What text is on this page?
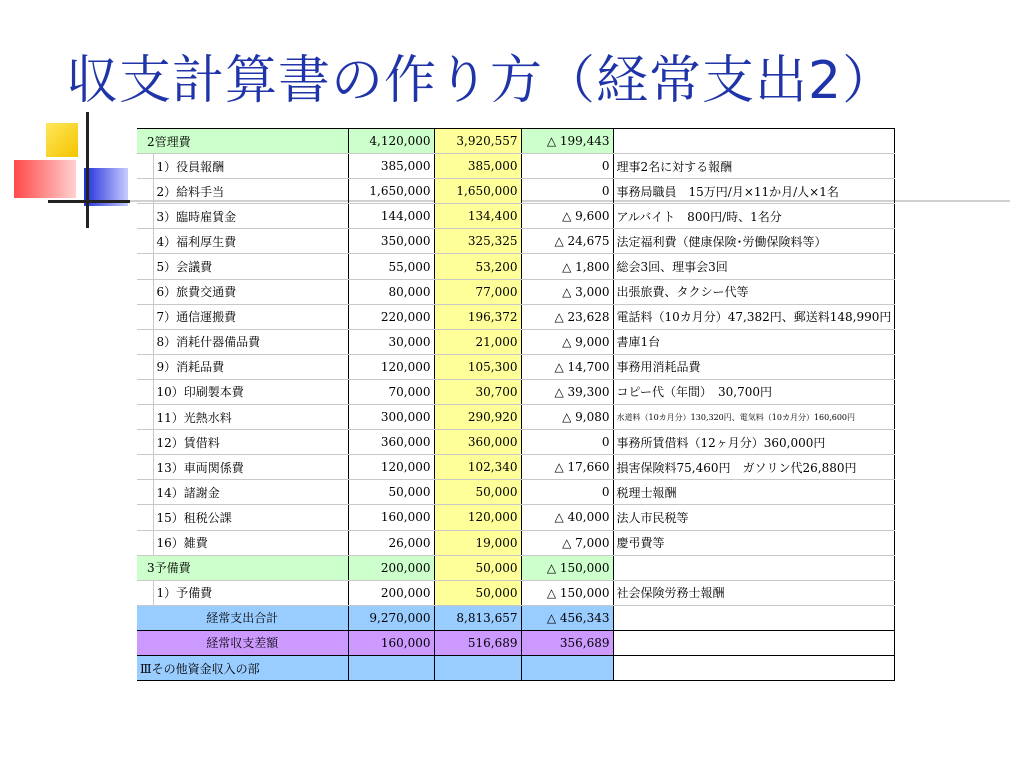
収支計算書の作り方（経常支出2）
2管理費		4,120,000	3,920,557	△ 199,443	
	1）役員報酬	385,000	385,000	0	理事2名に対する報酬
	2）給料手当	1,650,000	1,650,000	0	事務局職員　15万円/月×11か月/人×1名
	3）臨時雇賃金	144,000	134,400	△ 9,600	アルバイト　800円/時、1名分
	4）福利厚生費	350,000	325,325	△ 24,675	法定福利費（健康保険･労働保険料等）
	5）会議費	55,000	53,200	△ 1,800	総会3回、理事会3回
	6）旅費交通費	80,000	77,000	△ 3,000	出張旅費、タクシー代等
	7）通信運搬費	220,000	196,372	△ 23,628	電話料（10カ月分）47,382円、郵送料148,990円
	8）消耗什器備品費	30,000	21,000	△ 9,000	書庫1台
	9）消耗品費	120,000	105,300	△ 14,700	事務用消耗品費
	10）印刷製本費	70,000	30,700	△ 39,300	コピー代（年間）　30,700円
	11）光熱水料	300,000	290,920	△ 9,080	水道料（10カ月分）130,320円、電気料（10カ月分）160,600円
	12）賃借料	360,000	360,000	0	事務所賃借料（12ヶ月分）360,000円
	13）車両関係費	120,000	102,340	△ 17,660	損害保険料75,460円　ガソリン代26,880円
	14）諸謝金	50,000	50,000	0	税理士報酬
	15）租税公課	160,000	120,000	△ 40,000	法人市民税等
	16）雑費	26,000	19,000	△ 7,000	慶弔費等
3予備費		200,000	50,000	△ 150,000	
	1）予備費	200,000	50,000	△ 150,000	社会保険労務士報酬
経常支出合計		9,270,000	8,813,657	△ 456,343	
経常収支差額		160,000	516,689	356,689	
Ⅲその他資金収入の部					
